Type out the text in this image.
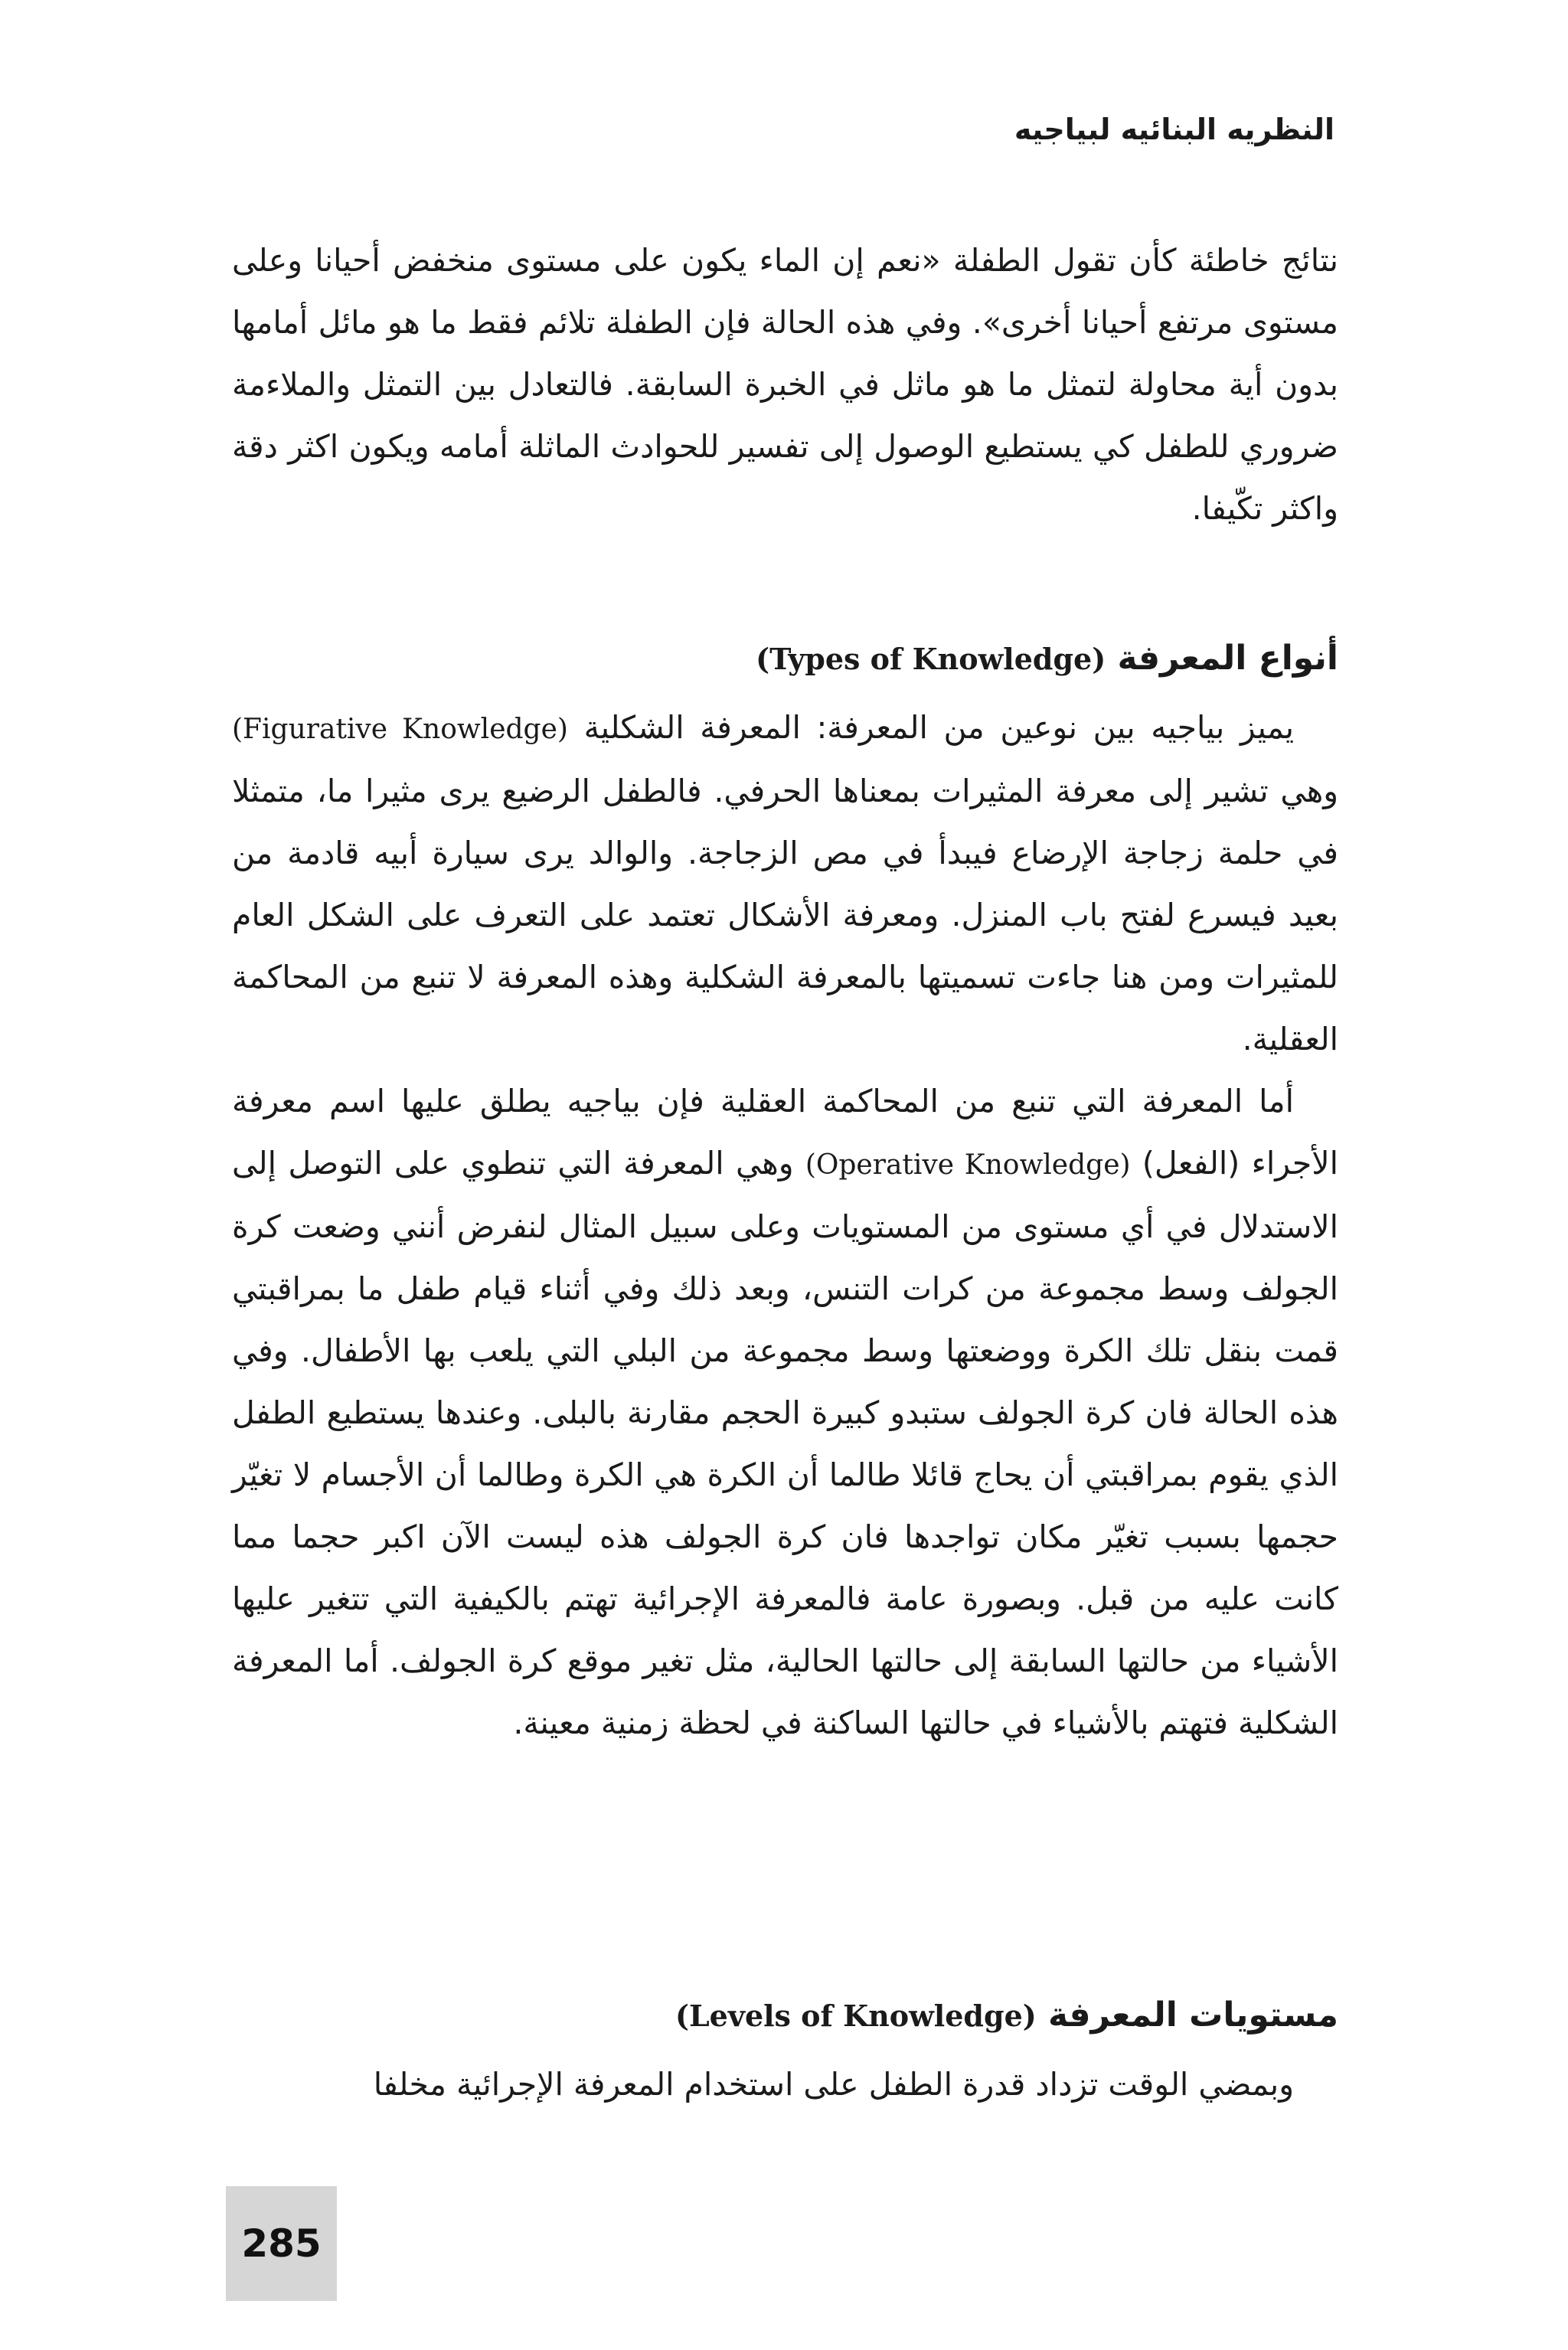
النظريه البنائيه لبياجيه

نتائج خاطئة كأن تقول الطفلة «نعم إن الماء يكون على مستوى منخفض أحيانا وعلى مستوى مرتفع أحيانا أخرى». وفي هذه الحالة فإن الطفلة تلائم فقط ما هو مائل أمامها بدون أية محاولة لتمثل ما هو ماثل في الخبرة السابقة. فالتعادل بين التمثل والملاءمة ضروري للطفل كي يستطيع الوصول إلى تفسير للحوادث الماثلة أمامه ويكون اكثر دقة واكثر تكّيفا.

أنواع المعرفة (Types of Knowledge)

يميز بياجيه بين نوعين من المعرفة: المعرفة الشكلية (Figurative Knowledge) وهي تشير إلى معرفة المثيرات بمعناها الحرفي. فالطفل الرضيع يرى مثيرا ما، متمثلا في حلمة زجاجة الإرضاع فيبدأ في مص الزجاجة. والوالد يرى سيارة أبيه قادمة من بعيد فيسرع لفتح باب المنزل. ومعرفة الأشكال تعتمد على التعرف على الشكل العام للمثيرات ومن هنا جاءت تسميتها بالمعرفة الشكلية وهذه المعرفة لا تنبع من المحاكمة العقلية.

أما المعرفة التي تنبع من المحاكمة العقلية فإن بياجيه يطلق عليها اسم معرفة الأجراء (الفعل) (Operative Knowledge) وهي المعرفة التي تنطوي على التوصل إلى الاستدلال في أي مستوى من المستويات وعلى سبيل المثال لنفرض أنني وضعت كرة الجولف وسط مجموعة من كرات التنس، وبعد ذلك وفي أثناء قيام طفل ما بمراقبتي قمت بنقل تلك الكرة ووضعتها وسط مجموعة من البلي التي يلعب بها الأطفال. وفي هذه الحالة فان كرة الجولف ستبدو كبيرة الحجم مقارنة بالبلى. وعندها يستطيع الطفل الذي يقوم بمراقبتي أن يحاج قائلا طالما أن الكرة هي الكرة وطالما أن الأجسام لا تغيّر حجمها بسبب تغيّر مكان تواجدها فان كرة الجولف هذه ليست الآن اكبر حجما مما كانت عليه من قبل. وبصورة عامة فالمعرفة الإجرائية تهتم بالكيفية التي تتغير عليها الأشياء من حالتها السابقة إلى حالتها الحالية، مثل تغير موقع كرة الجولف. أما المعرفة الشكلية فتهتم بالأشياء في حالتها الساكنة في لحظة زمنية معينة.

مستويات المعرفة (Levels of Knowledge)

وبمضي الوقت تزداد قدرة الطفل على استخدام المعرفة الإجرائية مخلفا

285
